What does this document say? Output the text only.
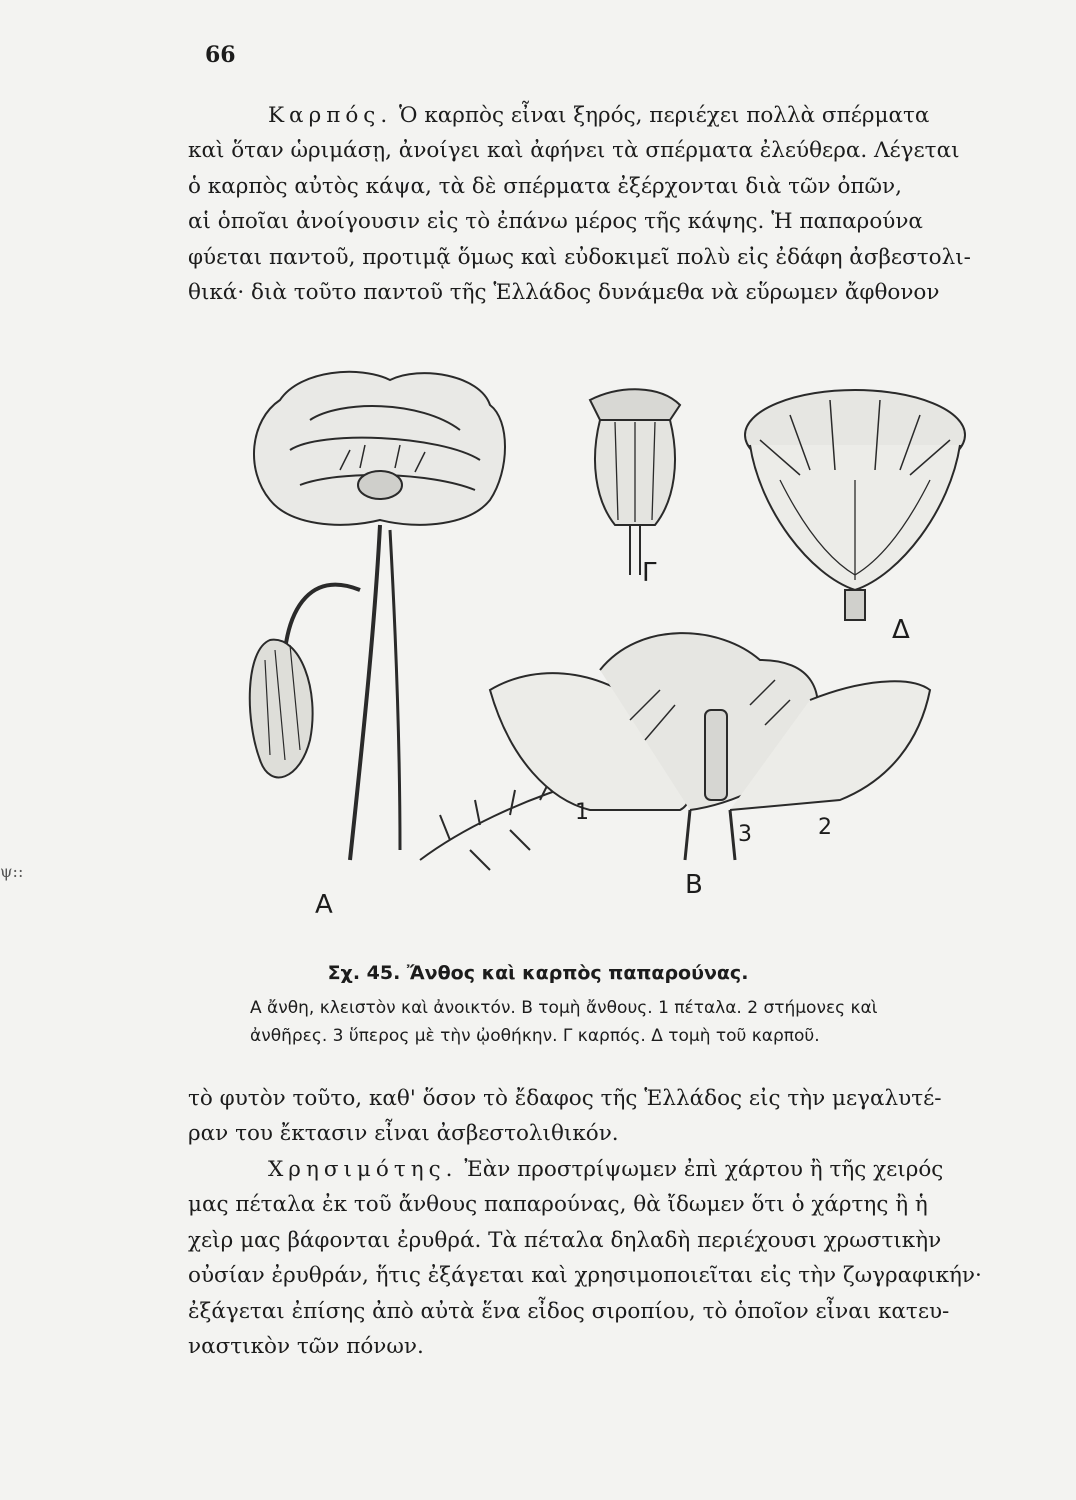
ψ::
66
Καρπός. Ὁ καρπὸς εἶναι ξηρός, περιέχει πολλὰ σπέρματα
καὶ ὅταν ὡριμάσῃ, ἀνοίγει καὶ ἀφήνει τὰ σπέρματα ἐλεύθερα. Λέγεται
ὁ καρπὸς αὐτὸς κάψα, τὰ δὲ σπέρματα ἐξέρχονται διὰ τῶν ὀπῶν,
αἱ ὁποῖαι ἀνοίγουσιν εἰς τὸ ἐπάνω μέρος τῆς κάψης. Ἡ παπαρούνα
φύεται παντοῦ, προτιμᾷ ὅμως καὶ εὐδοκιμεῖ πολὺ εἰς ἐδάφη ἀσβεστολι-
θικά· διὰ τοῦτο παντοῦ τῆς Ἑλλάδος δυνάμεθα νὰ εὕρωμεν ἄφθονον
Α
Β
Γ
Δ
1
2
3
Σχ. 45. Ἄνθος καὶ καρπὸς παπαρούνας.
Α ἄνθη, κλειστὸν καὶ ἀνοικτόν. Β τομὴ ἄνθους. 1 πέταλα. 2 στήμονες καὶ
ἀνθῆρες. 3 ὕπερος μὲ τὴν ᾠοθήκην. Γ καρπός. Δ τομὴ τοῦ καρποῦ.
τὸ φυτὸν τοῦτο, καθ' ὅσον τὸ ἔδαφος τῆς Ἑλλάδος εἰς τὴν μεγαλυτέ-
ραν του ἔκτασιν εἶναι ἀσβεστολιθικόν.
Χρησιμότης. Ἐὰν προστρίψωμεν ἐπὶ χάρτου ἢ τῆς χειρός
μας πέταλα ἐκ τοῦ ἄνθους παπαρούνας, θὰ ἴδωμεν ὅτι ὁ χάρτης ἢ ἡ
χεὶρ μας βάφονται ἐρυθρά. Τὰ πέταλα δηλαδὴ περιέχουσι χρωστικὴν
οὐσίαν ἐρυθράν, ἥτις ἐξάγεται καὶ χρησιμοποιεῖται εἰς τὴν ζωγραφικήν·
ἐξάγεται ἐπίσης ἀπὸ αὐτὰ ἕνα εἶδος σιροπίου, τὸ ὁποῖον εἶναι κατευ-
ναστικὸν τῶν πόνων.
